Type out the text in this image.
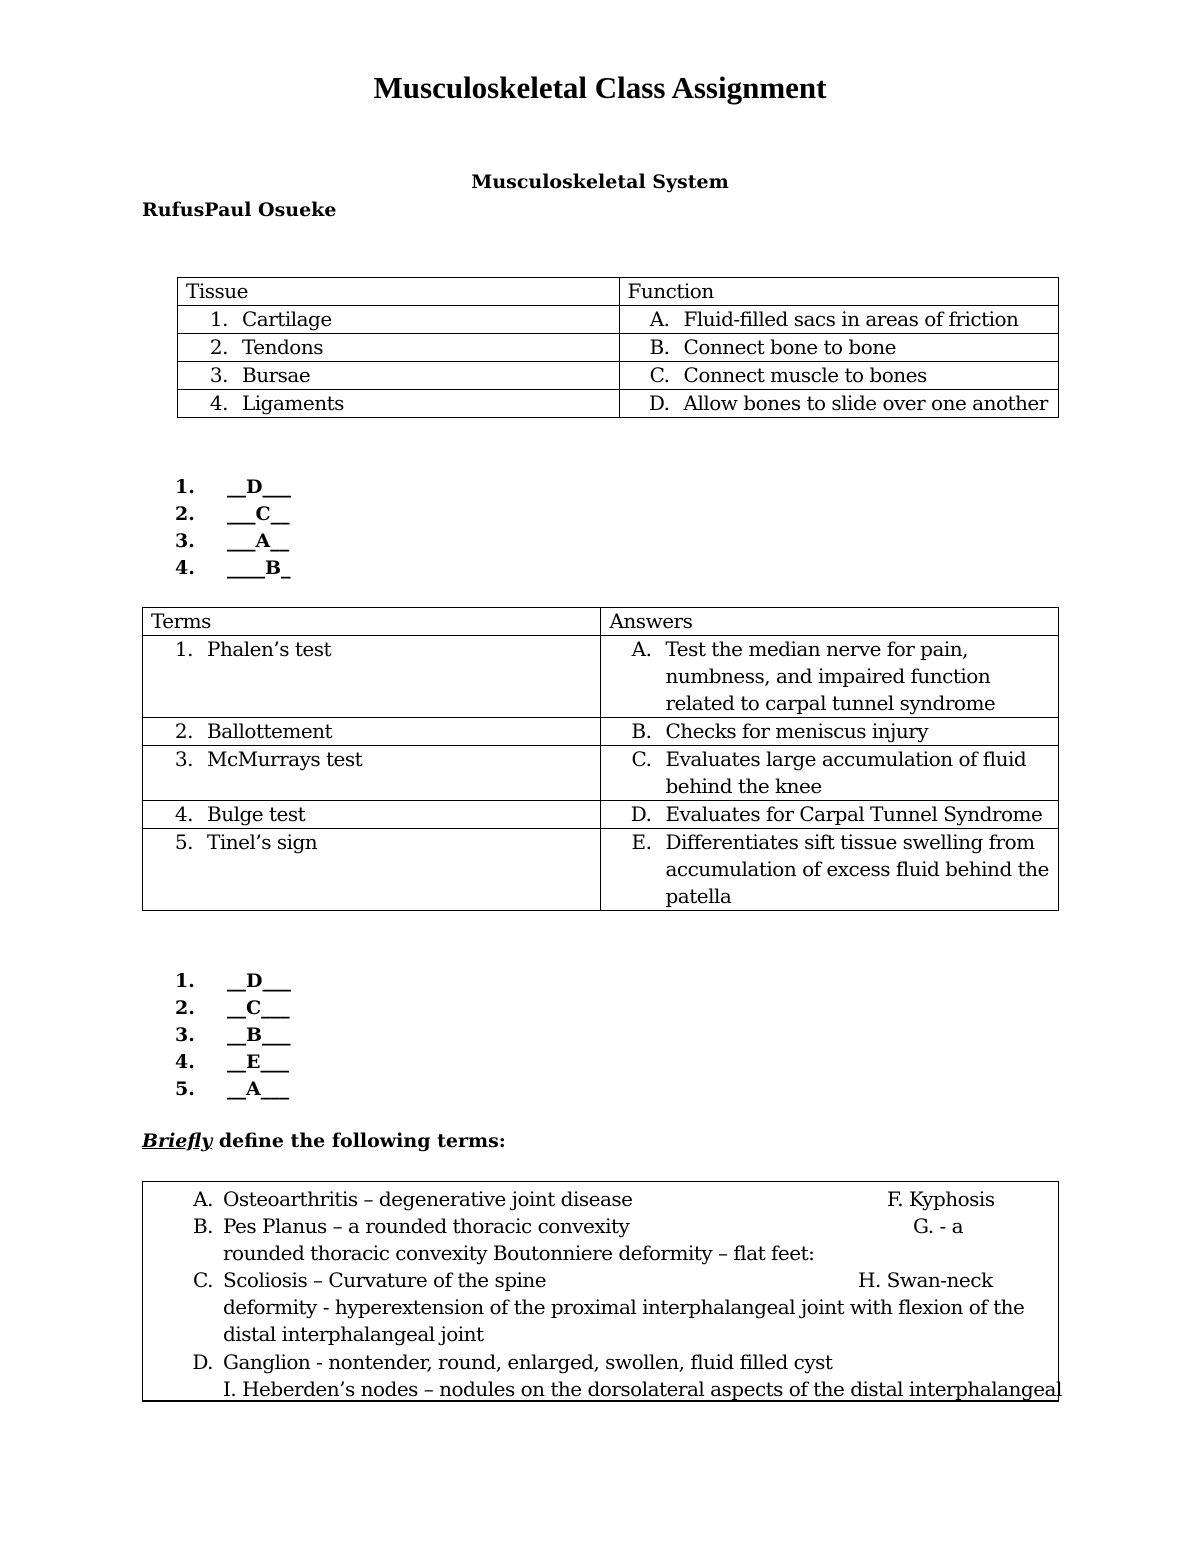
Musculoskeletal Class Assignment
Musculoskeletal System
RufusPaul Osueke
Tissue	Function

1. Cartilage	A. Fluid-filled sacs in areas of friction

2. Tendons	B. Connect bone to bone

3. Bursae	C. Connect muscle to bones

4. Ligaments	D. Allow bones to slide over one another
1.	__D___
2.	___C__
3.	___A__
4.	____B_
Terms	Answers

1. Phalen’s test	A. Test the median nerve for pain, numbness, and impaired function related to carpal tunnel syndrome

2. Ballottement	B. Checks for meniscus injury

3. McMurrays test	C. Evaluates large accumulation of fluid behind the knee

4. Bulge test	D. Evaluates for Carpal Tunnel Syndrome

5. Tinel’s sign	E. Differentiates sift tissue swelling from accumulation of excess fluid behind the patella
1.	__D___
2.	__C___
3.	__B___
4.	__E___
5.	__A___
Briefly define the following terms:
A. Osteoarthritis – degenerative joint disease	F. Kyphosis
B. Pes Planus – a rounded thoracic convexity	G. - a
rounded thoracic convexity Boutonniere deformity – flat feet:
C. Scoliosis – Curvature of the spine	H. Swan-neck
deformity - hyperextension of the proximal interphalangeal joint with flexion of the
distal interphalangeal joint
D. Ganglion - nontender, round, enlarged, swollen, fluid filled cyst
I. Heberden’s nodes – nodules on the dorsolateral aspects of the distal interphalangeal
